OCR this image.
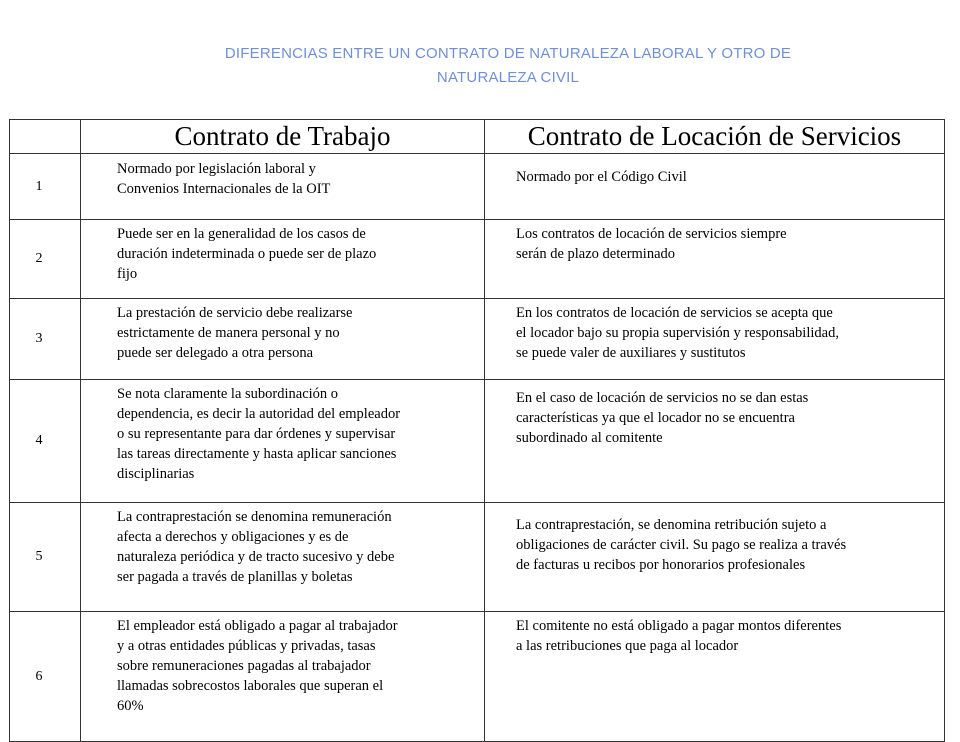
DIFERENCIAS ENTRE UN CONTRATO DE NATURALEZA LABORAL Y OTRO DE
NATURALEZA CIVIL
	Contrato de Trabajo	Contrato de Locación de Servicios
1	Normado por legislación laboral y
Convenios Internacionales de la OIT	Normado por el Código Civil

2	Puede ser en la generalidad de los casos de
duración indeterminada o puede ser de plazo
fijo	Los contratos de locación de servicios siempre
serán de plazo determinado

3	La prestación de servicio debe realizarse
estrictamente de manera personal y no
puede ser delegado a otra persona	En los contratos de locación de servicios se acepta que
el locador bajo su propia supervisión y responsabilidad,
se puede valer de auxiliares y sustitutos

4	Se nota claramente la subordinación o
dependencia, es decir la autoridad del empleador
o su representante para dar órdenes y supervisar
las tareas directamente y hasta aplicar sanciones
disciplinarias	En el caso de locación de servicios no se dan estas
características ya que el locador no se encuentra
subordinado al comitente

5	La contraprestación se denomina remuneración
afecta a derechos y obligaciones y es de
naturaleza periódica y de tracto sucesivo y debe
ser pagada a través de planillas y boletas	La contraprestación, se denomina retribución sujeto a
obligaciones de carácter civil. Su pago se realiza a través
de facturas u recibos por honorarios profesionales

6	El empleador está obligado a pagar al trabajador
y a otras entidades públicas y privadas, tasas
sobre remuneraciones pagadas al trabajador
llamadas sobrecostos laborales que superan el
60%	El comitente no está obligado a pagar montos diferentes
a las retribuciones que paga al locador
